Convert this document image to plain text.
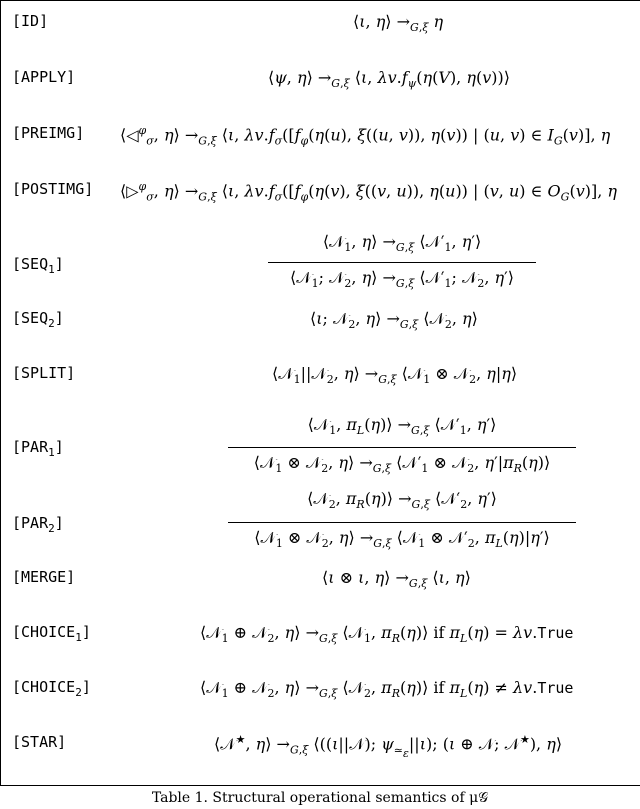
[ID]	⟨ι, η⟩ $\to_{G,\xi}$ η
[APPLY]	⟨ψ, η⟩ $\to_{G,\xi}$ ⟨ι, $\lambda v.f_\psi(\eta(V)$, η(v))⟩
[PREIMG] ⟨◁$^\varphi_\sigma$, η⟩ $\to_{G,\xi}$ ⟨ι, $\lambda v.f_\sigma([f_\varphi(\eta(u)$, ξ((u, v)), η(v)) | (u, v) ∈ $I_G(v)$], η
[POSTIMG] ⟨▷$^\varphi_\sigma$, η⟩ $\to_{G,\xi}$ ⟨ι, $\lambda v.f_\sigma([f_\varphi(\eta(v)$, ξ((v, u)), η(u)) | (v, u) ∈ $O_G(v)$], η
$[SEQ_1]$
⟨𝒩$_1$, η⟩ $\to_{G,\xi}$ $⟨𝒩'_1$, η′⟩
⟨𝒩$_1$; 𝒩$_2$, η⟩ $\to_{G,\xi}$ $⟨𝒩'_1$; 𝒩$_2$, η′⟩
$[SEQ_2]$	⟨ι; 𝒩$_2$, η⟩ $\to_{G,\xi}$ ⟨𝒩$_2$, η⟩
[SPLIT]	⟨𝒩$_1$||𝒩$_2$, η⟩ $\to_{G,\xi}$ ⟨𝒩$_1$ ⊗ 𝒩$_2$, η|η⟩
$[PAR_1]$
⟨𝒩$_1$, $\pi_L(\eta)⟩ \to_{G,\xi}$ $⟨𝒩'_1$, η′⟩
⟨𝒩$_1$ ⊗ 𝒩$_2$, η⟩ $\to_{G,\xi}$ $⟨𝒩'_1$ ⊗ 𝒩$_2$, $\eta'|\pi_R(\eta)⟩$
$[PAR_2]$
⟨𝒩$_2$, $\pi_R(\eta)⟩ \to_{G,\xi}$ $⟨𝒩'_2$, η′⟩
⟨𝒩$_1$ ⊗ 𝒩$_2$, η⟩ $\to_{G,\xi}$ ⟨𝒩$_1$ ⊗ $𝒩'_2$, $\pi_L(\eta)|\eta'⟩$
[MERGE]	⟨ι ⊗ ι, η⟩ $\to_{G,\xi}$ ⟨ι, η⟩
$[CHOICE_1]$	⟨𝒩$_1$ ⊕ 𝒩$_2$, η⟩ $\to_{G,\xi}$ ⟨𝒩$_1$, $\pi_R(\eta)⟩$ if $\pi_L(\eta)$ = λv.True
$[CHOICE_2]$	⟨𝒩$_1$ ⊕ 𝒩$_2$, η⟩ $\to_{G,\xi}$ ⟨𝒩$_2$, $\pi_R(\eta)⟩$ if $\pi_L(\eta)$ ≠ λv.True
[STAR]	⟨𝒩★, η⟩ $\to_{G,\xi}$ ⟨((ι||𝒩); $\psi_{≃_\varepsilon}||\iota$); (ι ⊕ 𝒩; 𝒩★), η⟩
Table 1. Structural operational semantics of μ𝒢
